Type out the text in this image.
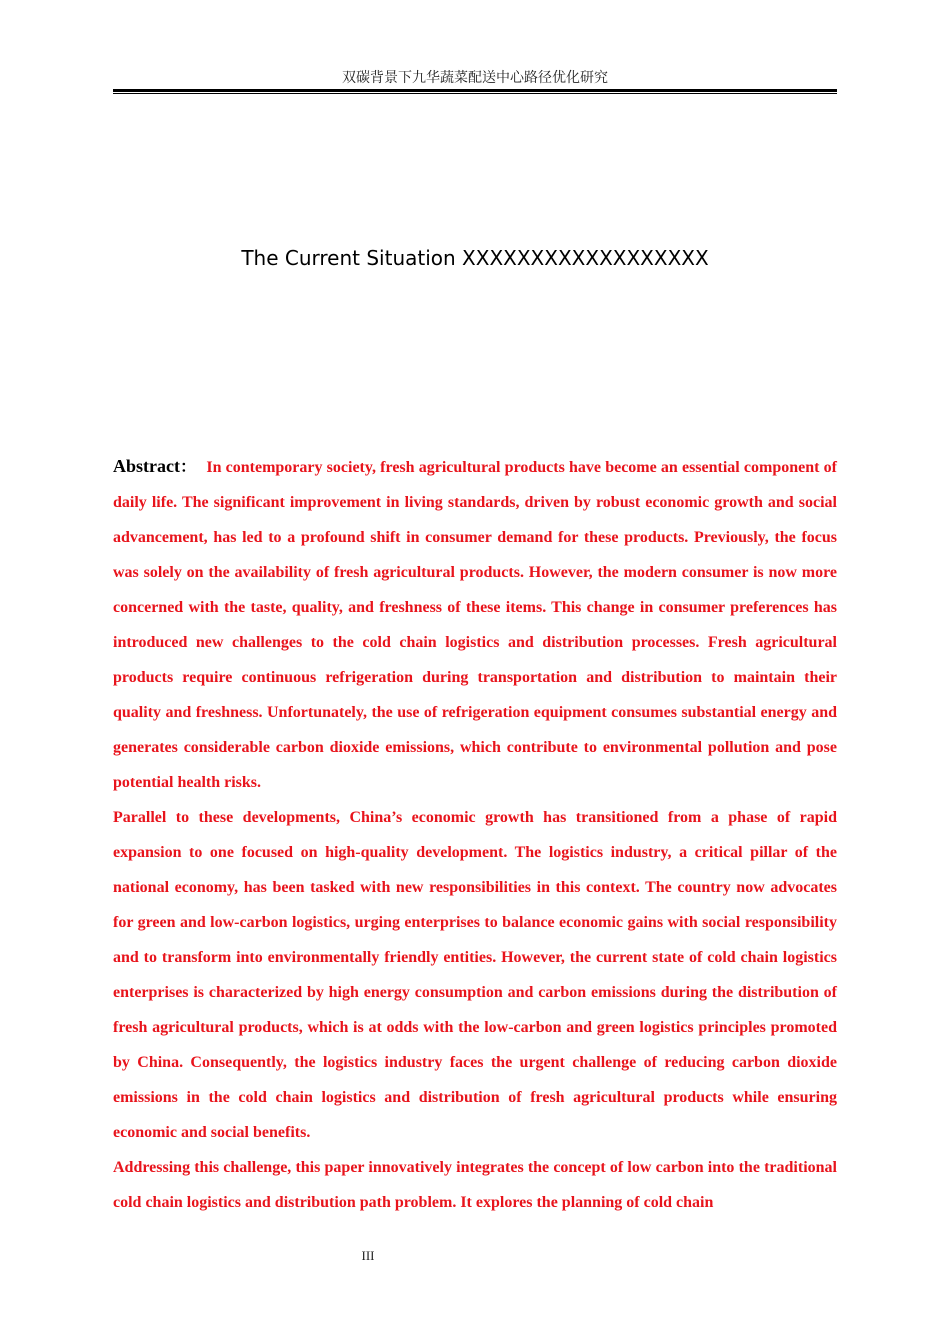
双碳背景下九华蔬菜配送中心路径优化研究
The Current Situation XXXXXXXXXXXXXXXXXX

Abstract： In contemporary society, fresh agricultural products have become an essential component of daily life. The significant improvement in living standards, driven by robust economic growth and social advancement, has led to a profound shift in consumer demand for these products. Previously, the focus was solely on the availability of fresh agricultural products. However, the modern consumer is now more concerned with the taste, quality, and freshness of these items. This change in consumer preferences has introduced new challenges to the cold chain logistics and distribution processes. Fresh agricultural products require continuous refrigeration during transportation and distribution to maintain their quality and freshness. Unfortunately, the use of refrigeration equipment consumes substantial energy and generates considerable carbon dioxide emissions, which contribute to environmental pollution and pose potential health risks.

Parallel to these developments, China’s economic growth has transitioned from a phase of rapid expansion to one focused on high-quality development. The logistics industry, a critical pillar of the national economy, has been tasked with new responsibilities in this context. The country now advocates for green and low-carbon logistics, urging enterprises to balance economic gains with social responsibility and to transform into environmentally friendly entities. However, the current state of cold chain logistics enterprises is characterized by high energy consumption and carbon emissions during the distribution of fresh agricultural products, which is at odds with the low-carbon and green logistics principles promoted by China. Consequently, the logistics industry faces the urgent challenge of reducing carbon dioxide emissions in the cold chain logistics and distribution of fresh agricultural products while ensuring economic and social benefits.

Addressing this challenge, this paper innovatively integrates the concept of low carbon into the traditional cold chain logistics and distribution path problem. It explores the planning of cold chain

III
